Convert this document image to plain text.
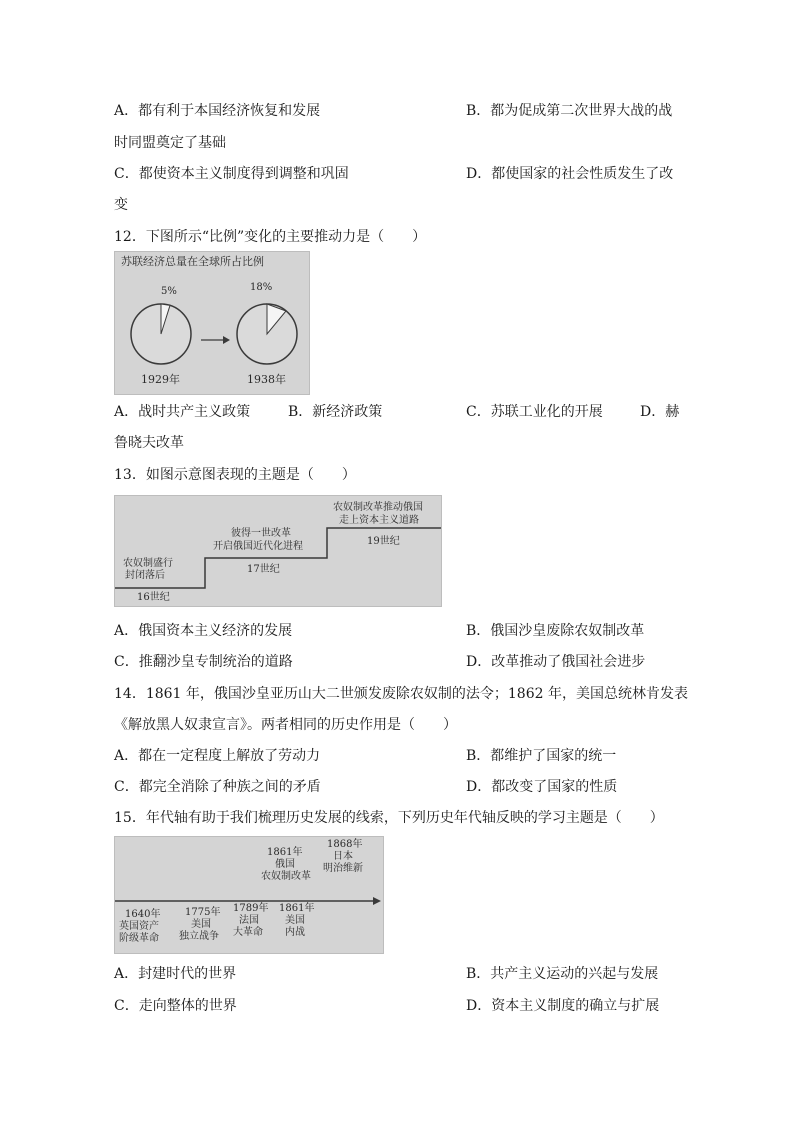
A．都有利于本国经济恢复和发展	B．都为促成第二次世界大战的战
时同盟奠定了基础
C．都使资本主义制度得到调整和巩固	D．都使国家的社会性质发生了改
变
12．下图所示“比例”变化的主要推动力是（　　）
苏联经济总量在全球所占比例
5%	18%
1929年	1938年
A．战时共产主义政策	B．新经济政策	C．苏联工业化的开展	D．赫
鲁晓夫改革
13．如图示意图表现的主题是（　　）
农奴制盛行
封闭落后
16世纪
彼得一世改革
开启俄国近代化进程
17世纪
农奴制改革推动俄国
走上资本主义道路
19世纪
A．俄国资本主义经济的发展	B．俄国沙皇废除农奴制改革
C．推翻沙皇专制统治的道路	D．改革推动了俄国社会进步
14．1861 年，俄国沙皇亚历山大二世颁发废除农奴制的法令；1862 年，美国总统林肯发表
《解放黑人奴隶宣言》。两者相同的历史作用是（　　）
A．都在一定程度上解放了劳动力	B．都维护了国家的统一
C．都完全消除了种族之间的矛盾	D．都改变了国家的性质
15．年代轴有助于我们梳理历史发展的线索，下列历史年代轴反映的学习主题是（　　）
1861年
俄国
农奴制改革
1868年
日本
明治维新
1640年
英国资产
阶级革命
1775年
美国
独立战争
1789年
法国
大革命
1861年
美国
内战
A．封建时代的世界	B．共产主义运动的兴起与发展
C．走向整体的世界	D．资本主义制度的确立与扩展
